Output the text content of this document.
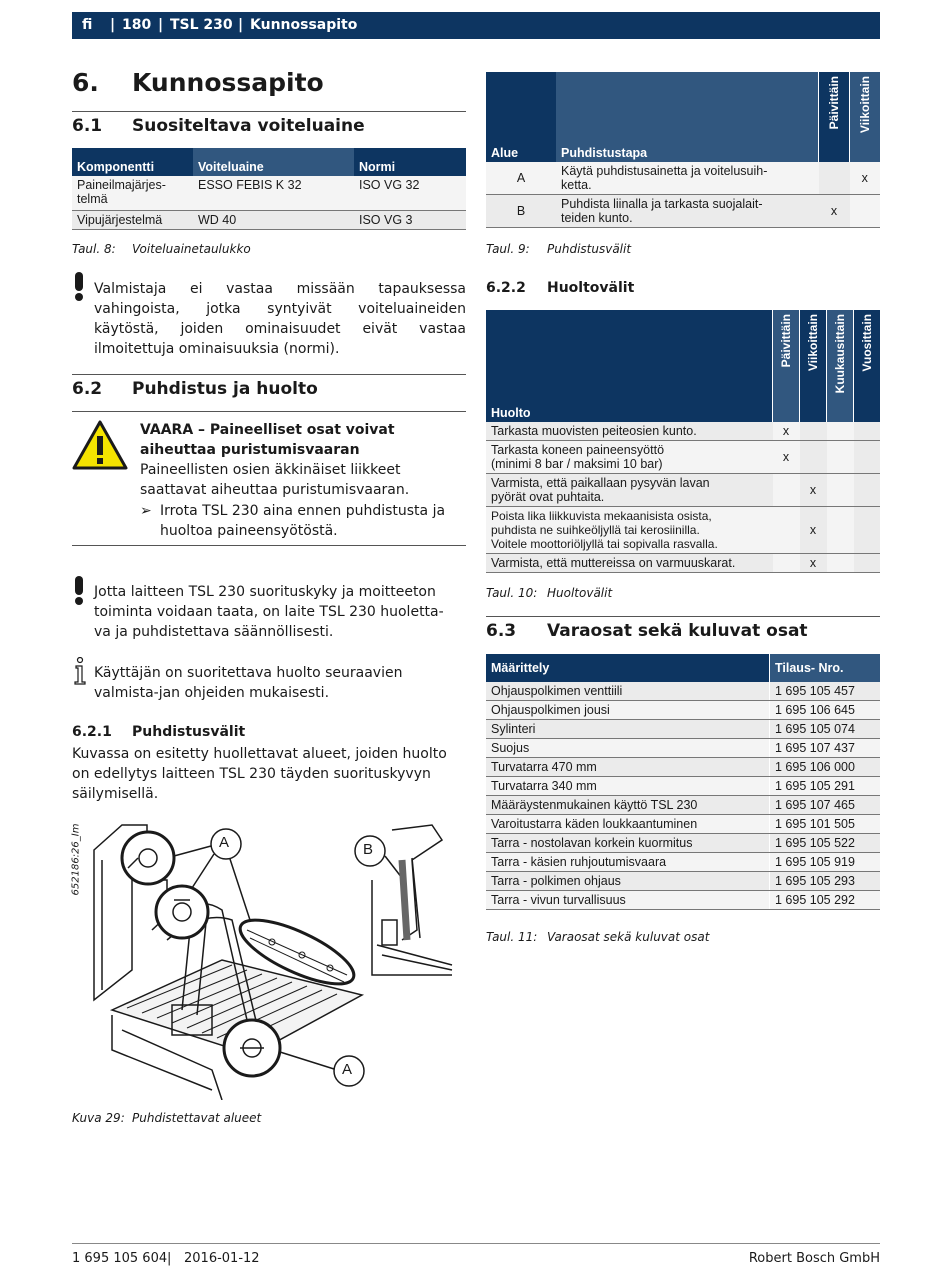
fi | 180 | TSL 230 | Kunnossapito
6. Kunnossapito
6.1 Suositeltava voiteluaine
Komponentti	Voiteluaine	Normi
Paineilmajärjes-
telmä	ESSO FEBIS K 32	ISO VG 32
Vipujärjestelmä	WD 40	ISO VG 3
Taul. 8: Voiteluainetaulukko
Valmistaja ei vastaa missään tapauksessa vahingoista, jotka syntyivät voiteluaineiden käytöstä, joiden ominaisuudet eivät vastaa ilmoitettuja ominaisuuksia (normi).
6.2 Puhdistus ja huolto
VAARA – Paineelliset osat voivat aiheuttaa puristumisvaaran
Paineellisten osien äkkinäiset liikkeet saattavat aiheuttaa puristumisvaaran.
➢ Irrota TSL 230 aina ennen puhdistusta ja huoltoa paineensyötöstä.
Jotta laitteen TSL 230 suorituskyky ja moitteeton toiminta voidaan taata, on laite TSL 230 huoletta-va ja puhdistettava säännöllisesti.
Käyttäjän on suoritettava huolto seuraavien valmista-jan ohjeiden mukaisesti.
6.2.1 Puhdistusvälit
Kuvassa on esitetty huollettavat alueet, joiden huolto on edellytys laitteen TSL 230 täyden suorituskyvyn säilymisellä.
652186:26_Im	A
A
B
Kuva 29: Puhdistettavat alueet
Alue	Puhdistustapa	Päivittäin	Viikoittain

A	Käytä puhdistusainetta ja voitelusuih-
ketta.		x
B	Puhdista liinalla ja tarkasta suojalait-
teiden kunto.	x	
Taul. 9: Puhdistusvälit
6.2.2 Huoltovälit
Huolto	Päivittäin	Viikoittain	Kuukausittain	Vuosittain

Tarkasta muovisten peiteosien kunto.	x			
Tarkasta koneen paineensyöttö
(minimi 8 bar / maksimi 10 bar)	x			
Varmista, että paikallaan pysyvän lavan
pyörät ovat puhtaita.		x		
Poista lika liikkuvista mekaanisista osista,
puhdista ne suihkeöljyllä tai kerosiinilla.
Voitele moottoriöljyllä tai sopivalla rasvalla.		x		
Varmista, että muttereissa on varmuuskarat.		x		
Taul. 10: Huoltovälit
6.3 Varaosat sekä kuluvat osat
Määrittely	Tilaus- Nro.
Ohjauspolkimen venttiili	1 695 105 457
Ohjauspolkimen jousi	1 695 106 645
Sylinteri	1 695 105 074
Suojus	1 695 107 437
Turvatarra 470 mm	1 695 106 000
Turvatarra 340 mm	1 695 105 291
Määräystenmukainen käyttö TSL 230	1 695 107 465
Varoitustarra käden loukkaantuminen	1 695 101 505
Tarra - nostolavan korkein kuormitus	1 695 105 522
Tarra - käsien ruhjoutumisvaara	1 695 105 919
Tarra - polkimen ohjaus	1 695 105 293
Tarra - vivun turvallisuus	1 695 105 292
Taul. 11: Varaosat sekä kuluvat osat
1 695 105 604 | 2016-01-12	Robert Bosch GmbH
